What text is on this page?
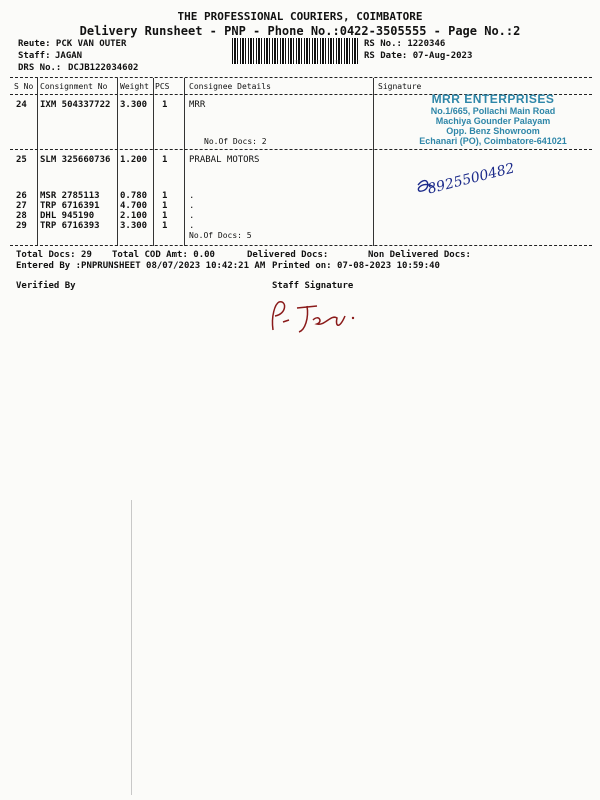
THE PROFESSIONAL COURIERS, COIMBATORE
Delivery Runsheet - PNP - Phone No.:0422-3505555 - Page No.:2
Reute: PCK VAN OUTER
Staff: JAGAN
DRS No.: DCJB122034602
RS No.: 1220346
RS Date: 07-Aug-2023
S No Consignment No Weight PCS Consignee Details	Signature
24 IXM 504337722 3.300 1 MRR
No.Of Docs: 2
25 SLM 325660736 1.200 1 PRABAL MOTORS
26 MSR 2785113 0.780 1 .
27 TRP 6716391 4.700 1 .
28 DHL 945190	2.100 1 .
29 TRP 6716393 3.300 1 .
No.Of Docs: 5
MRR ENTERPRISES
No.1/665, Pollachi Main Road
Machiya Gounder Palayam
Opp. Benz Showroom
Echanari (PO), Coimbatore-641021
8925500482
Total Docs: 29 Total COD Amt: 0.00	Delivered Docs:	Non Delivered Docs:
Entered By :PNPRUNSHEET 08/07/2023 10:42:21 AM Printed on: 07-08-2023 10:59:40
Verified By	Staff Signature
